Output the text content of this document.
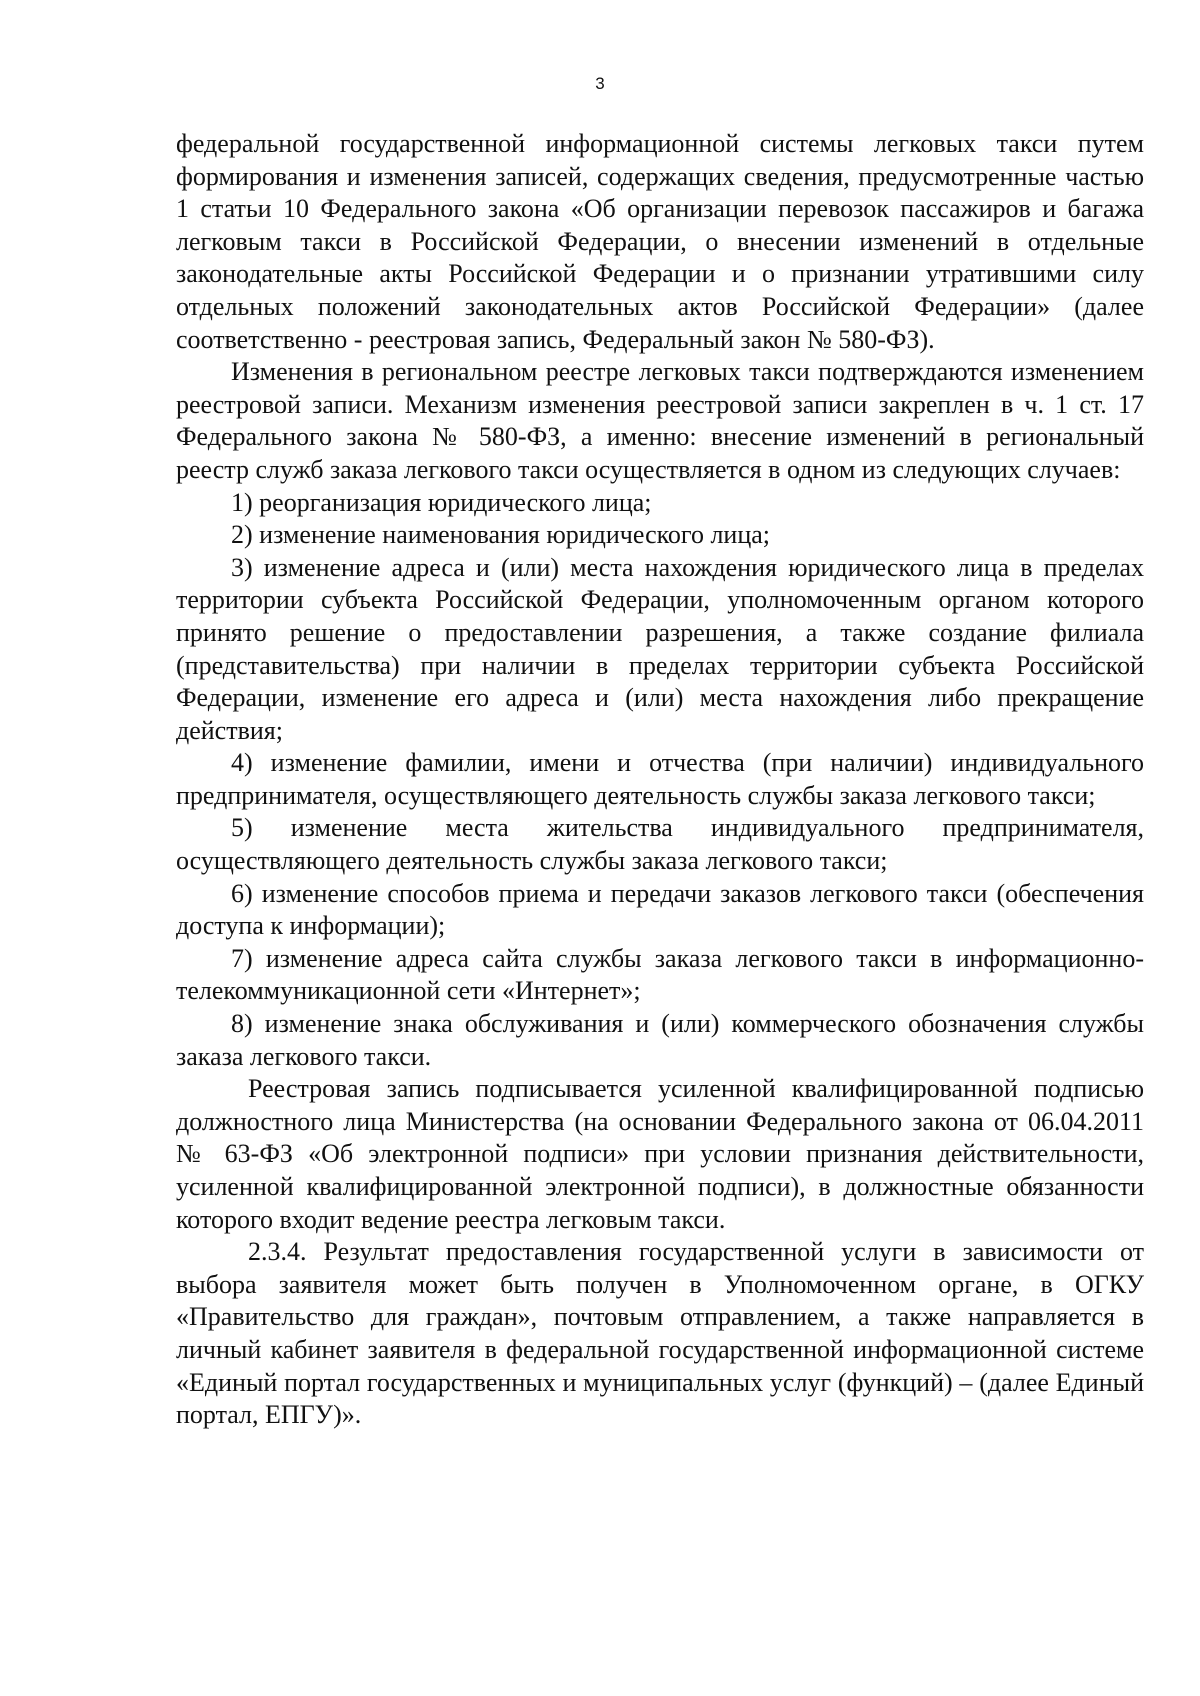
3

федеральной государственной информационной системы легковых такси путем формирования и изменения записей, содержащих сведения, предусмотренные частью 1 статьи 10 Федерального закона «Об организации перевозок пассажиров и багажа легковым такси в Российской Федерации, о внесении изменений в отдельные законодательные акты Российской Федерации и о признании утратившими силу отдельных положений законодательных актов Российской Федерации» (далее соответственно - реестровая запись, Федеральный закон № 580-ФЗ).

Изменения в региональном реестре легковых такси подтверждаются изменением реестровой записи. Механизм изменения реестровой записи закреплен в ч. 1 ст. 17 Федерального закона № 580-ФЗ, а именно: внесение изменений в региональный реестр служб заказа легкового такси осуществляется в одном из следующих случаев:

1) реорганизация юридического лица;

2) изменение наименования юридического лица;

3) изменение адреса и (или) места нахождения юридического лица в пределах территории субъекта Российской Федерации, уполномоченным органом которого принято решение о предоставлении разрешения, а также создание филиала (представительства) при наличии в пределах территории субъекта Российской Федерации, изменение его адреса и (или) места нахождения либо прекращение действия;

4) изменение фамилии, имени и отчества (при наличии) индивидуального предпринимателя, осуществляющего деятельность службы заказа легкового такси;

5) изменение места жительства индивидуального предпринимателя, осуществляющего деятельность службы заказа легкового такси;

6) изменение способов приема и передачи заказов легкового такси (обеспечения доступа к информации);

7) изменение адреса сайта службы заказа легкового такси в информационно-телекоммуникационной сети «Интернет»;

8) изменение знака обслуживания и (или) коммерческого обозначения службы заказа легкового такси.

Реестровая запись подписывается усиленной квалифицированной подписью должностного лица Министерства (на основании Федерального закона от 06.04.2011 № 63-ФЗ «Об электронной подписи» при условии признания действительности, усиленной квалифицированной электронной подписи), в должностные обязанности которого входит ведение реестра легковым такси.

2.3.4. Результат предоставления государственной услуги в зависимости от выбора заявителя может быть получен в Уполномоченном органе, в ОГКУ «Правительство для граждан», почтовым отправлением, а также направляется в личный кабинет заявителя в федеральной государственной информационной системе «Единый портал государственных и муниципальных услуг (функций) – (далее Единый портал, ЕПГУ)».
